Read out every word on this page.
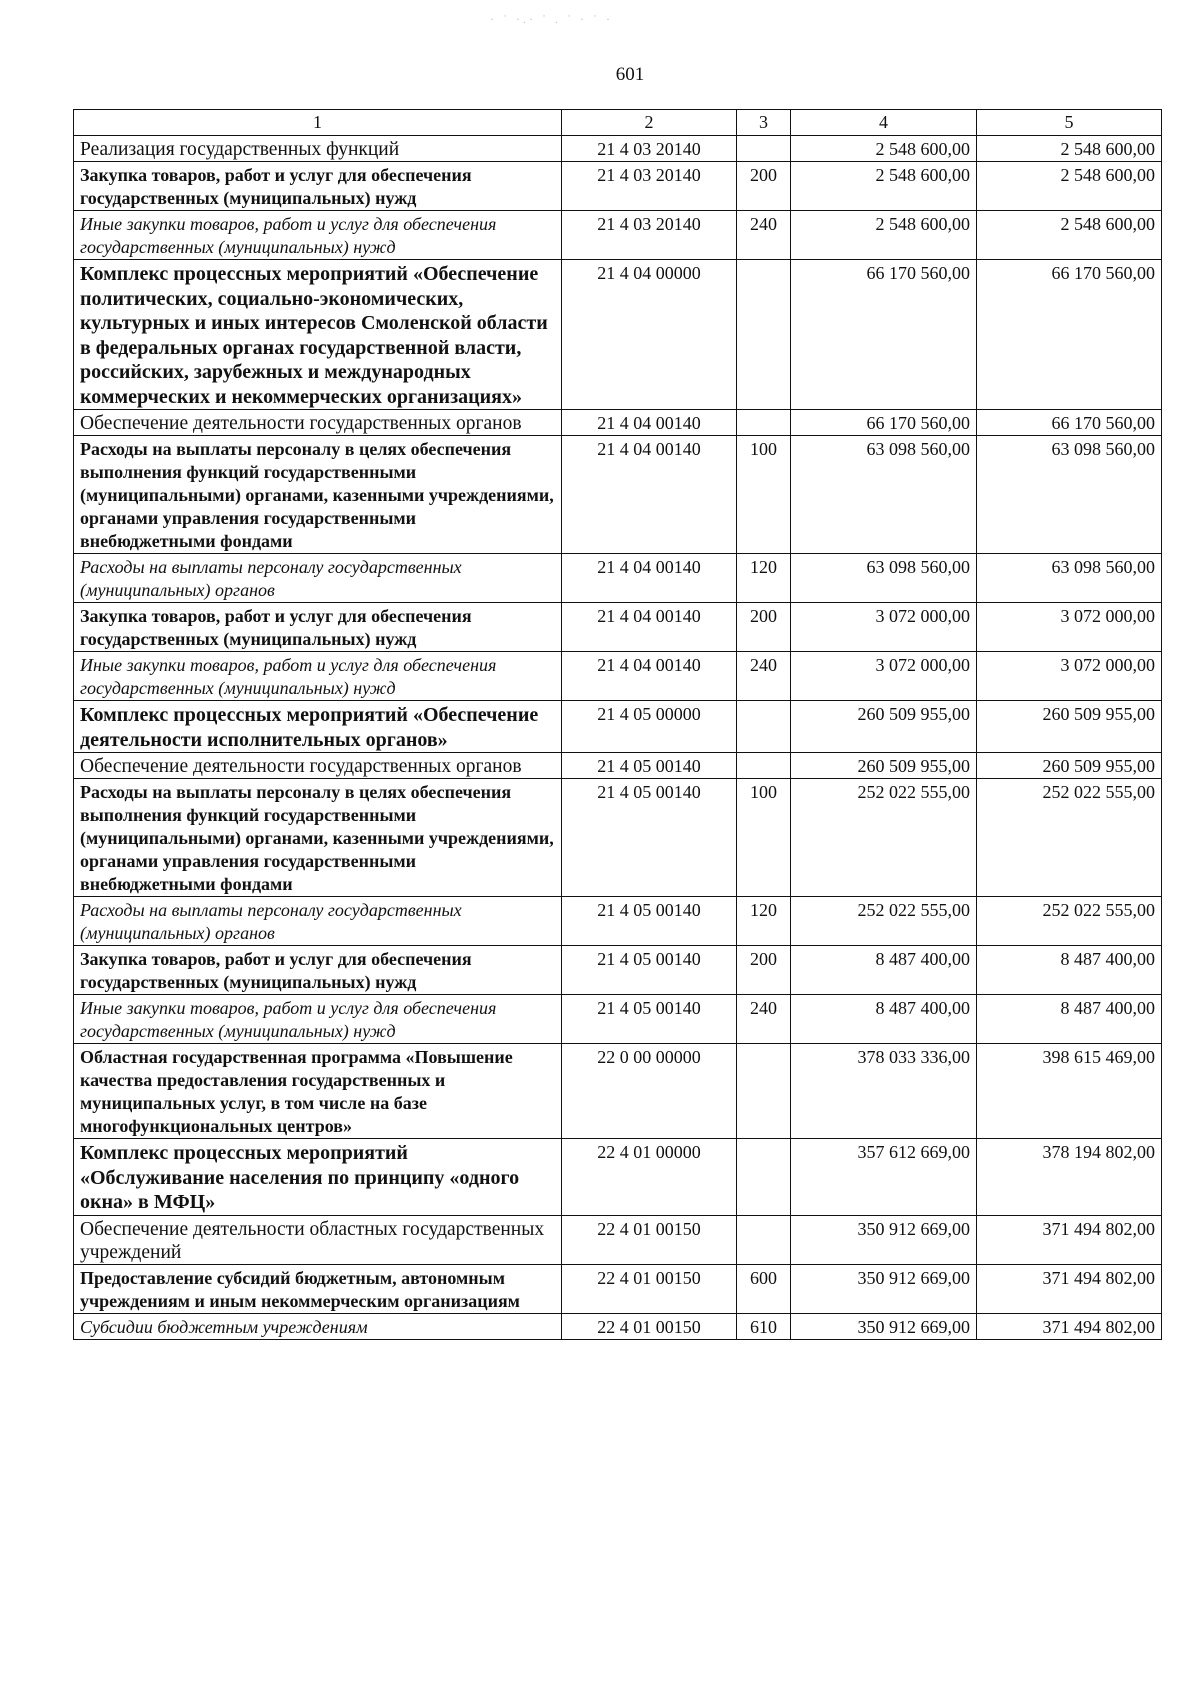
· ˙ ·.· ˙ . ˙ · ˙ ·
601
1	2	3	4	5
Реализация государственных функций	21 4 03 20140		2 548 600,00	2 548 600,00
Закупка товаров, работ и услуг для обеспечения государственных (муниципальных) нужд	21 4 03 20140	200	2 548 600,00	2 548 600,00
Иные закупки товаров, работ и услуг для обеспечения государственных (муниципальных) нужд	21 4 03 20140	240	2 548 600,00	2 548 600,00
Комплекс процессных мероприятий «Обеспечение политических, социально-экономических, культурных и иных интересов Смоленской области в федеральных органах государственной власти, российских, зарубежных и международных коммерческих и некоммерческих организациях»	21 4 04 00000		66 170 560,00	66 170 560,00
Обеспечение деятельности государственных органов	21 4 04 00140		66 170 560,00	66 170 560,00
Расходы на выплаты персоналу в целях обеспечения выполнения функций государственными (муниципальными) органами, казенными учреждениями, органами управления государственными внебюджетными фондами	21 4 04 00140	100	63 098 560,00	63 098 560,00
Расходы на выплаты персоналу государственных (муниципальных) органов	21 4 04 00140	120	63 098 560,00	63 098 560,00
Закупка товаров, работ и услуг для обеспечения государственных (муниципальных) нужд	21 4 04 00140	200	3 072 000,00	3 072 000,00
Иные закупки товаров, работ и услуг для обеспечения государственных (муниципальных) нужд	21 4 04 00140	240	3 072 000,00	3 072 000,00
Комплекс процессных мероприятий «Обеспечение деятельности исполнительных органов»	21 4 05 00000		260 509 955,00	260 509 955,00
Обеспечение деятельности государственных органов	21 4 05 00140		260 509 955,00	260 509 955,00
Расходы на выплаты персоналу в целях обеспечения выполнения функций государственными (муниципальными) органами, казенными учреждениями, органами управления государственными внебюджетными фондами	21 4 05 00140	100	252 022 555,00	252 022 555,00
Расходы на выплаты персоналу государственных (муниципальных) органов	21 4 05 00140	120	252 022 555,00	252 022 555,00
Закупка товаров, работ и услуг для обеспечения государственных (муниципальных) нужд	21 4 05 00140	200	8 487 400,00	8 487 400,00
Иные закупки товаров, работ и услуг для обеспечения государственных (муниципальных) нужд	21 4 05 00140	240	8 487 400,00	8 487 400,00
Областная государственная программа «Повышение качества предоставления государственных и муниципальных услуг, в том числе на базе многофункциональных центров»	22 0 00 00000		378 033 336,00	398 615 469,00
Комплекс процессных мероприятий «Обслуживание населения по принципу «одного окна» в МФЦ»	22 4 01 00000		357 612 669,00	378 194 802,00
Обеспечение деятельности областных государственных учреждений	22 4 01 00150		350 912 669,00	371 494 802,00
Предоставление субсидий бюджетным, автономным учреждениям и иным некоммерческим организациям	22 4 01 00150	600	350 912 669,00	371 494 802,00
Субсидии бюджетным учреждениям	22 4 01 00150	610	350 912 669,00	371 494 802,00
